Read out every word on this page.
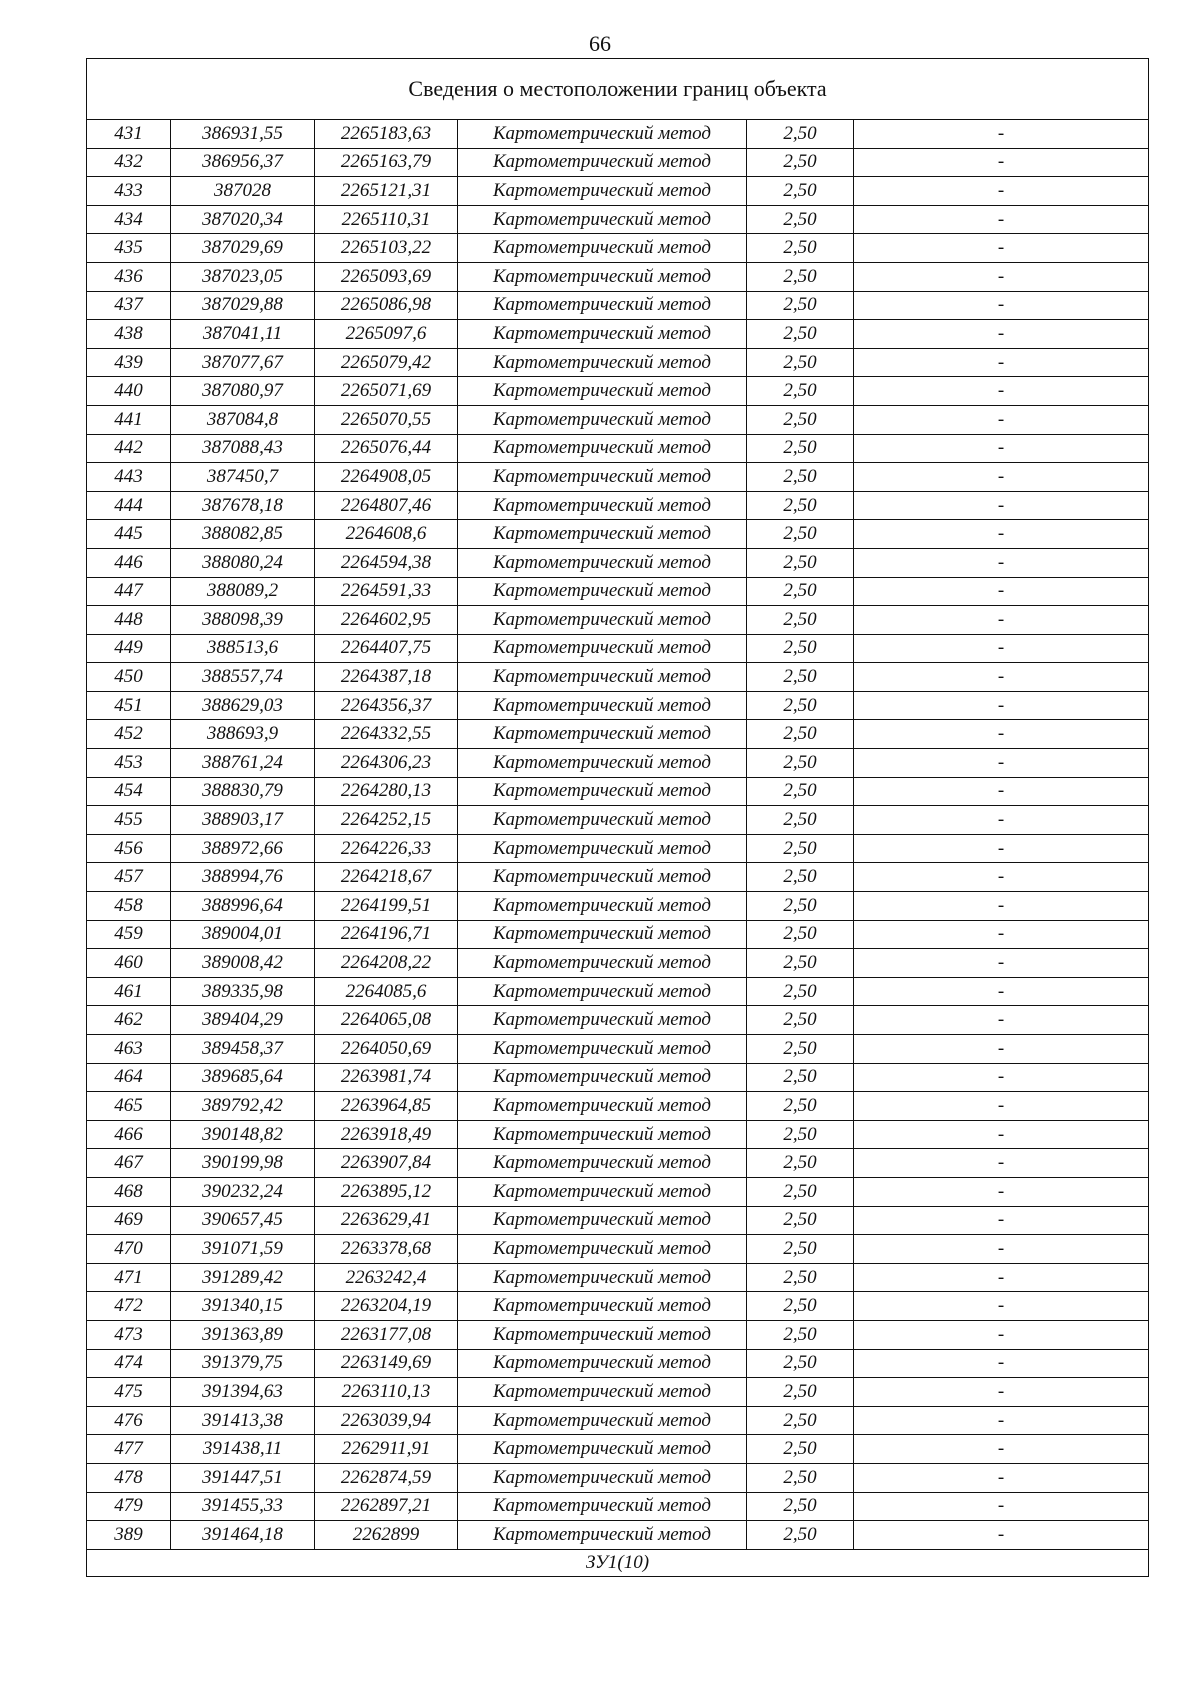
66
Сведения о местоположении границ объекта					
431	386931,55	2265183,63	Картометрический метод	2,50	-
432	386956,37	2265163,79	Картометрический метод	2,50	-
433	387028	2265121,31	Картометрический метод	2,50	-
434	387020,34	2265110,31	Картометрический метод	2,50	-
435	387029,69	2265103,22	Картометрический метод	2,50	-
436	387023,05	2265093,69	Картометрический метод	2,50	-
437	387029,88	2265086,98	Картометрический метод	2,50	-
438	387041,11	2265097,6	Картометрический метод	2,50	-
439	387077,67	2265079,42	Картометрический метод	2,50	-
440	387080,97	2265071,69	Картометрический метод	2,50	-
441	387084,8	2265070,55	Картометрический метод	2,50	-
442	387088,43	2265076,44	Картометрический метод	2,50	-
443	387450,7	2264908,05	Картометрический метод	2,50	-
444	387678,18	2264807,46	Картометрический метод	2,50	-
445	388082,85	2264608,6	Картометрический метод	2,50	-
446	388080,24	2264594,38	Картометрический метод	2,50	-
447	388089,2	2264591,33	Картометрический метод	2,50	-
448	388098,39	2264602,95	Картометрический метод	2,50	-
449	388513,6	2264407,75	Картометрический метод	2,50	-
450	388557,74	2264387,18	Картометрический метод	2,50	-
451	388629,03	2264356,37	Картометрический метод	2,50	-
452	388693,9	2264332,55	Картометрический метод	2,50	-
453	388761,24	2264306,23	Картометрический метод	2,50	-
454	388830,79	2264280,13	Картометрический метод	2,50	-
455	388903,17	2264252,15	Картометрический метод	2,50	-
456	388972,66	2264226,33	Картометрический метод	2,50	-
457	388994,76	2264218,67	Картометрический метод	2,50	-
458	388996,64	2264199,51	Картометрический метод	2,50	-
459	389004,01	2264196,71	Картометрический метод	2,50	-
460	389008,42	2264208,22	Картометрический метод	2,50	-
461	389335,98	2264085,6	Картометрический метод	2,50	-
462	389404,29	2264065,08	Картометрический метод	2,50	-
463	389458,37	2264050,69	Картометрический метод	2,50	-
464	389685,64	2263981,74	Картометрический метод	2,50	-
465	389792,42	2263964,85	Картометрический метод	2,50	-
466	390148,82	2263918,49	Картометрический метод	2,50	-
467	390199,98	2263907,84	Картометрический метод	2,50	-
468	390232,24	2263895,12	Картометрический метод	2,50	-
469	390657,45	2263629,41	Картометрический метод	2,50	-
470	391071,59	2263378,68	Картометрический метод	2,50	-
471	391289,42	2263242,4	Картометрический метод	2,50	-
472	391340,15	2263204,19	Картометрический метод	2,50	-
473	391363,89	2263177,08	Картометрический метод	2,50	-
474	391379,75	2263149,69	Картометрический метод	2,50	-
475	391394,63	2263110,13	Картометрический метод	2,50	-
476	391413,38	2263039,94	Картометрический метод	2,50	-
477	391438,11	2262911,91	Картометрический метод	2,50	-
478	391447,51	2262874,59	Картометрический метод	2,50	-
479	391455,33	2262897,21	Картометрический метод	2,50	-
389	391464,18	2262899	Картометрический метод	2,50	-
ЗУ1(10)					
